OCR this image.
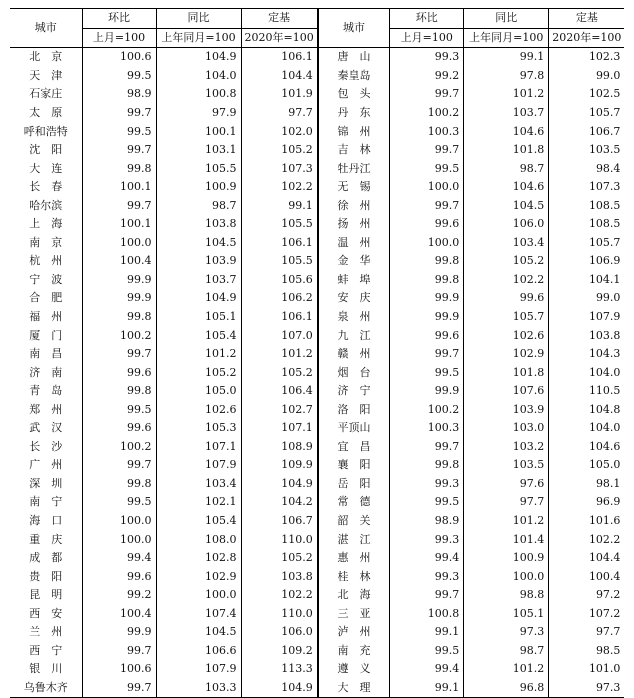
城市	环比	同比	定基	城市	环比	同比	定基
	上月=100	上年同月=100	2020年=100		上月=100	上年同月=100	2020年=100
北　京	100.6	104.9	106.1	唐　山	99.3	99.1	102.3
天　津	99.5	104.0	104.4	秦皇岛	99.2	97.8	99.0
石家庄	98.9	100.8	101.9	包　头	99.7	101.2	102.5
太　原	99.7	97.9	97.7	丹　东	100.2	103.7	105.7
呼和浩特	99.5	100.1	102.0	锦　州	100.3	104.6	106.7
沈　阳	99.7	103.1	105.2	吉　林	99.7	101.8	103.5
大　连	99.8	105.5	107.3	牡丹江	99.5	98.7	98.4
长　春	100.1	100.9	102.2	无　锡	100.0	104.6	107.3
哈尔滨	99.7	98.7	99.1	徐　州	99.7	104.5	108.5
上　海	100.1	103.8	105.5	扬　州	99.6	106.0	108.5
南　京	100.0	104.5	106.1	温　州	100.0	103.4	105.7
杭　州	100.4	103.9	105.5	金　华	99.8	105.2	106.9
宁　波	99.9	103.7	105.6	蚌　埠	99.8	102.2	104.1
合　肥	99.9	104.9	106.2	安　庆	99.9	99.6	99.0
福　州	99.8	105.1	106.1	泉　州	99.9	105.7	107.9
厦　门	100.2	105.4	107.0	九　江	99.6	102.6	103.8
南　昌	99.7	101.2	101.2	赣　州	99.7	102.9	104.3
济　南	99.6	105.2	105.2	烟　台	99.5	101.8	104.0
青　岛	99.8	105.0	106.4	济　宁	99.9	107.6	110.5
郑　州	99.5	102.6	102.7	洛　阳	100.2	103.9	104.8
武　汉	99.6	105.3	107.1	平顶山	100.3	103.0	104.0
长　沙	100.2	107.1	108.9	宜　昌	99.7	103.2	104.6
广　州	99.7	107.9	109.9	襄　阳	99.8	103.5	105.0
深　圳	99.8	103.4	104.9	岳　阳	99.3	97.6	98.1
南　宁	99.5	102.1	104.2	常　德	99.5	97.7	96.9
海　口	100.0	105.4	106.7	韶　关	98.9	101.2	101.6
重　庆	100.0	108.0	110.0	湛　江	99.3	101.4	102.2
成　都	99.4	102.8	105.2	惠　州	99.4	100.9	104.4
贵　阳	99.6	102.9	103.8	桂　林	99.3	100.0	100.4
昆　明	99.2	100.0	102.2	北　海	99.7	98.8	97.2
西　安	100.4	107.4	110.0	三　亚	100.8	105.1	107.2
兰　州	99.9	104.5	106.0	泸　州	99.1	97.3	97.7
西　宁	99.7	106.6	109.2	南　充	99.5	98.7	98.5
银　川	100.6	107.9	113.3	遵　义	99.4	101.2	101.0
乌鲁木齐	99.7	103.3	104.9	大　理	99.1	96.8	97.3
